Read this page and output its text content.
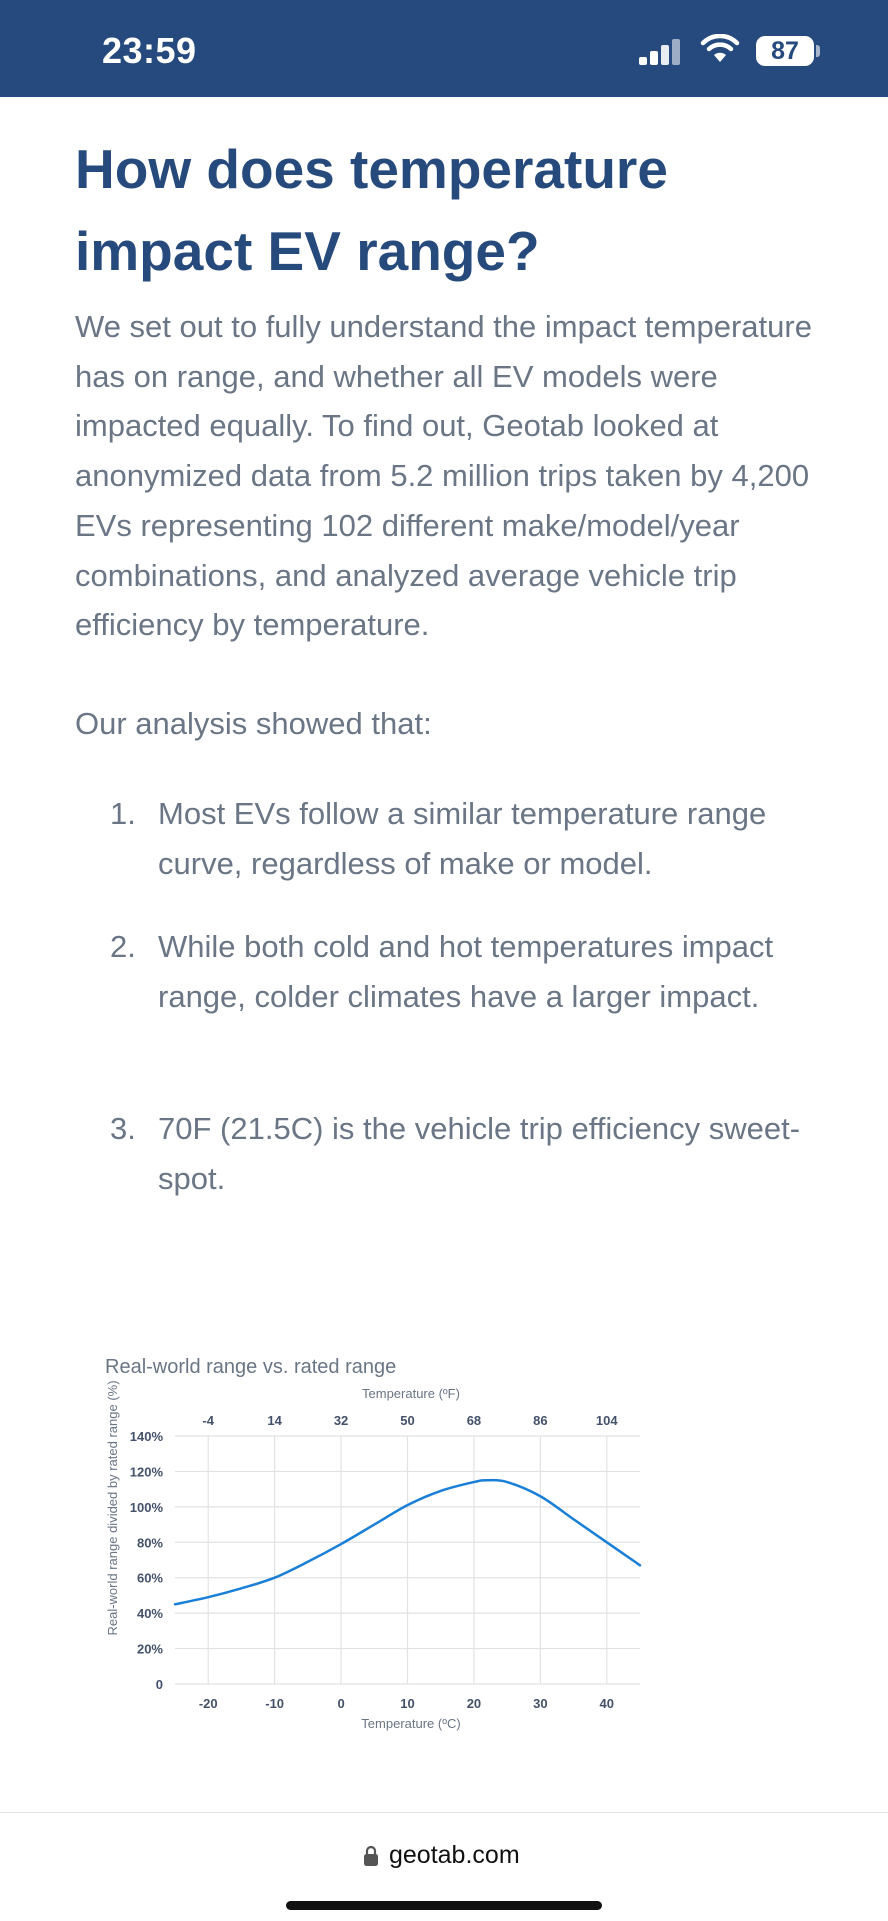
23:59	87
How does temperature impact EV range?

We set out to fully understand the impact temperature has on range, and whether all EV models were impacted equally. To find out, Geotab looked at anonymized data from 5.2 million trips taken by 4,200 EVs representing 102 different make/model/year combinations, and analyzed average vehicle trip efficiency by temperature.

Our analysis showed that:

1. Most EVs follow a similar temperature range curve, regardless of make or model.
2. While both cold and hot temperatures impact range, colder climates have a larger impact.
3. 70F (21.5C) is the vehicle trip efficiency sweet-spot.
Real-world range vs. rated range
Temperature (ºF)
Temperature (ºC)
Real-world range divided by rated range (%)
0
20%
40%
60%
80%
100%
120%
140%
-20
-4
-10
14
0
32
10
50
20
68
30
86
40
104
geotab.com
